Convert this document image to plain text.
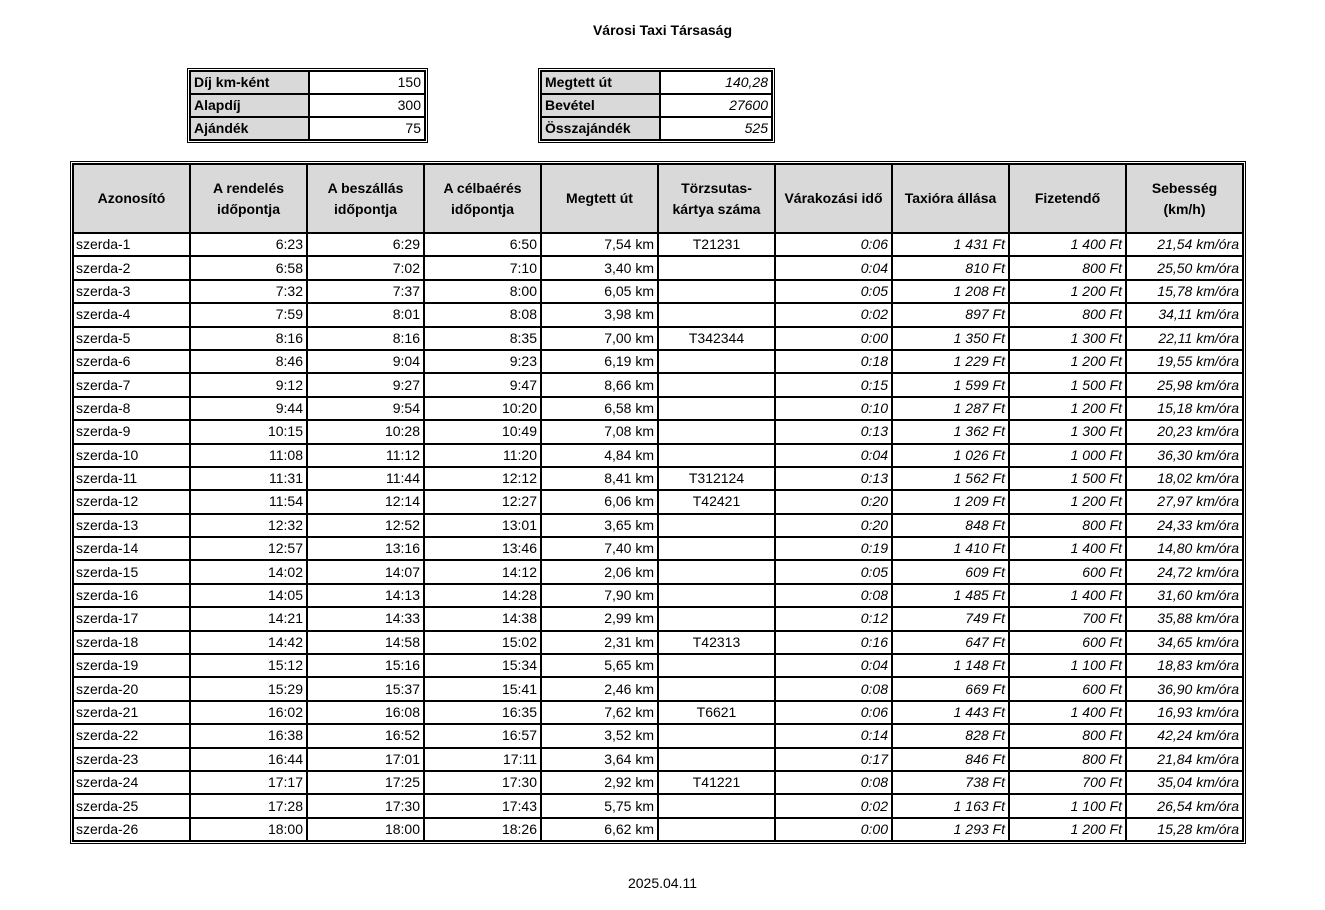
Városi Taxi Társaság
Díj km-ként	150
Alapdíj	300
Ajándék	75
Megtett út	140,28
Bevétel	27600
Összajándék	525
Azonosító	A rendelés időpontja	A beszállás időpontja	A célbaérés időpontja	Megtett út	Törzsutas-kártya száma	Várakozási idő	Taxióra állása	Fizetendő	Sebesség (km/h)
szerda-1	6:23	6:29	6:50	7,54 km	T21231	0:06	1 431 Ft	1 400 Ft	21,54 km/óra
szerda-2	6:58	7:02	7:10	3,40 km		0:04	810 Ft	800 Ft	25,50 km/óra
szerda-3	7:32	7:37	8:00	6,05 km		0:05	1 208 Ft	1 200 Ft	15,78 km/óra
szerda-4	7:59	8:01	8:08	3,98 km		0:02	897 Ft	800 Ft	34,11 km/óra
szerda-5	8:16	8:16	8:35	7,00 km	T342344	0:00	1 350 Ft	1 300 Ft	22,11 km/óra
szerda-6	8:46	9:04	9:23	6,19 km		0:18	1 229 Ft	1 200 Ft	19,55 km/óra
szerda-7	9:12	9:27	9:47	8,66 km		0:15	1 599 Ft	1 500 Ft	25,98 km/óra
szerda-8	9:44	9:54	10:20	6,58 km		0:10	1 287 Ft	1 200 Ft	15,18 km/óra
szerda-9	10:15	10:28	10:49	7,08 km		0:13	1 362 Ft	1 300 Ft	20,23 km/óra
szerda-10	11:08	11:12	11:20	4,84 km		0:04	1 026 Ft	1 000 Ft	36,30 km/óra
szerda-11	11:31	11:44	12:12	8,41 km	T312124	0:13	1 562 Ft	1 500 Ft	18,02 km/óra
szerda-12	11:54	12:14	12:27	6,06 km	T42421	0:20	1 209 Ft	1 200 Ft	27,97 km/óra
szerda-13	12:32	12:52	13:01	3,65 km		0:20	848 Ft	800 Ft	24,33 km/óra
szerda-14	12:57	13:16	13:46	7,40 km		0:19	1 410 Ft	1 400 Ft	14,80 km/óra
szerda-15	14:02	14:07	14:12	2,06 km		0:05	609 Ft	600 Ft	24,72 km/óra
szerda-16	14:05	14:13	14:28	7,90 km		0:08	1 485 Ft	1 400 Ft	31,60 km/óra
szerda-17	14:21	14:33	14:38	2,99 km		0:12	749 Ft	700 Ft	35,88 km/óra
szerda-18	14:42	14:58	15:02	2,31 km	T42313	0:16	647 Ft	600 Ft	34,65 km/óra
szerda-19	15:12	15:16	15:34	5,65 km		0:04	1 148 Ft	1 100 Ft	18,83 km/óra
szerda-20	15:29	15:37	15:41	2,46 km		0:08	669 Ft	600 Ft	36,90 km/óra
szerda-21	16:02	16:08	16:35	7,62 km	T6621	0:06	1 443 Ft	1 400 Ft	16,93 km/óra
szerda-22	16:38	16:52	16:57	3,52 km		0:14	828 Ft	800 Ft	42,24 km/óra
szerda-23	16:44	17:01	17:11	3,64 km		0:17	846 Ft	800 Ft	21,84 km/óra
szerda-24	17:17	17:25	17:30	2,92 km	T41221	0:08	738 Ft	700 Ft	35,04 km/óra
szerda-25	17:28	17:30	17:43	5,75 km		0:02	1 163 Ft	1 100 Ft	26,54 km/óra
szerda-26	18:00	18:00	18:26	6,62 km		0:00	1 293 Ft	1 200 Ft	15,28 km/óra
2025.04.11
